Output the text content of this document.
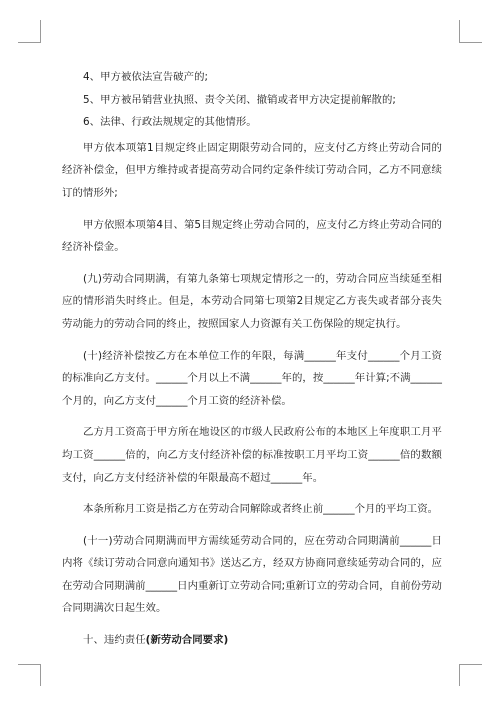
4、甲方被依法宣告破产的;

5、甲方被吊销营业执照、责令关闭、撤销或者甲方决定提前解散的;

6、法律、行政法规规定的其他情形。

甲方依本项第1目规定终止固定期限劳动合同的，应支付乙方终止劳动合同的经济补偿金，但甲方维持或者提高劳动合同约定条件续订劳动合同，乙方不同意续订的情形外;

甲方依照本项第4目、第5目规定终止劳动合同的，应支付乙方终止劳动合同的经济补偿金。

(九)劳动合同期满，有第九条第七项规定情形之一的，劳动合同应当续延至相应的情形消失时终止。但是，本劳动合同第七项第2目规定乙方丧失或者部分丧失劳动能力的劳动合同的终止，按照国家人力资源有关工伤保险的规定执行。

(十)经济补偿按乙方在本单位工作的年限，每满______年支付______个月工资的标准向乙方支付。______个月以上不满______年的，按______年计算;不满______个月的，向乙方支付______个月工资的经济补偿。

乙方月工资高于甲方所在地设区的市级人民政府公布的本地区上年度职工月平均工资______倍的，向乙方支付经济补偿的标准按职工月平均工资______倍的数额支付，向乙方支付经济补偿的年限最高不超过______年。

本条所称月工资是指乙方在劳动合同解除或者终止前______个月的平均工资。

(十一)劳动合同期满而甲方需续延劳动合同的，应在劳动合同期满前______日内将《续订劳动合同意向通知书》送达乙方，经双方协商同意续延劳动合同的，应在劳动合同期满前______日内重新订立劳动合同;重新订立的劳动合同，自前份劳动合同期满次日起生效。

十、违约责任(新劳动合同要求)
